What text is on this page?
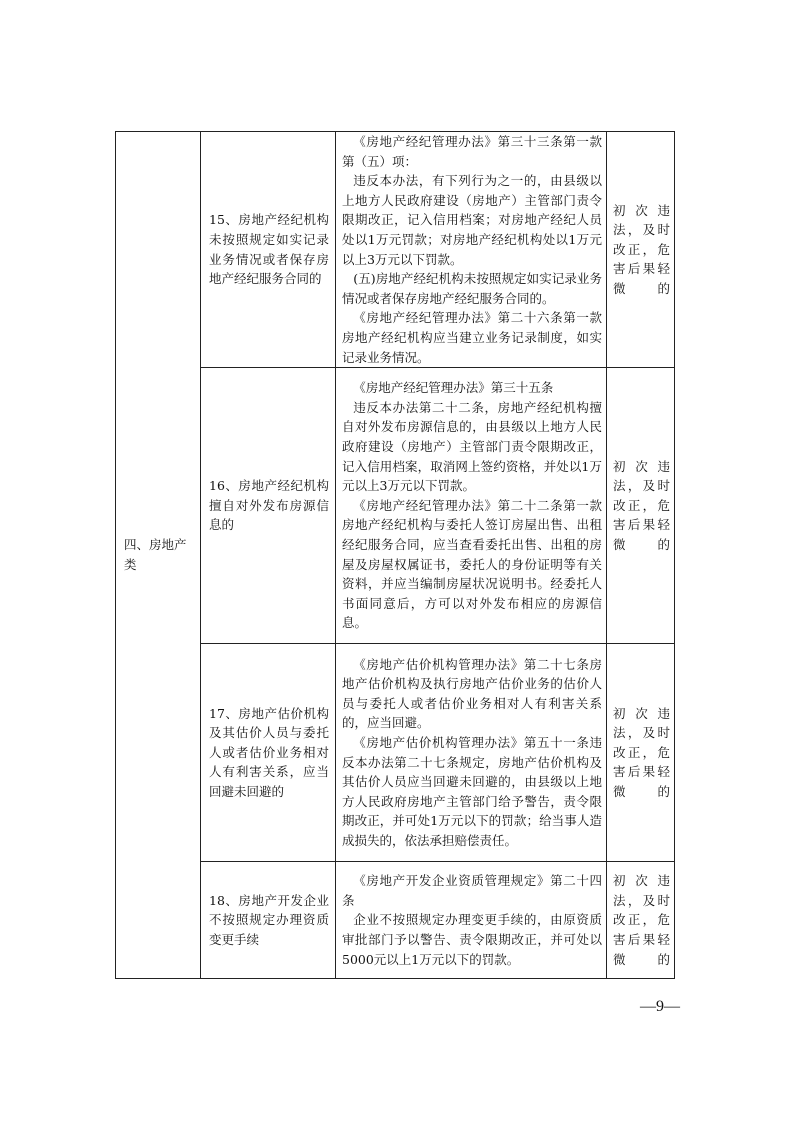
四、房地产类	15、房地产经纪机构未按照规定如实记录业务情况或者保存房地产经纪服务合同的	《房地产经纪管理办法》第三十三条第一款第（五）项：

违反本办法，有下列行为之一的，由县级以上地方人民政府建设（房地产）主管部门责令限期改正，记入信用档案；对房地产经纪人员处以1万元罚款；对房地产经纪机构处以1万元以上3万元以下罚款。

(五)房地产经纪机构未按照规定如实记录业务情况或者保存房地产经纪服务合同的。

《房地产经纪管理办法》第二十六条第一款房地产经纪机构应当建立业务记录制度，如实记录业务情况。	初次违法，及时改正，危害后果轻微的

	16、房地产经纪机构擅自对外发布房源信息的	《房地产经纪管理办法》第三十五条

违反本办法第二十二条，房地产经纪机构擅自对外发布房源信息的，由县级以上地方人民政府建设（房地产）主管部门责令限期改正，记入信用档案，取消网上签约资格，并处以1万元以上3万元以下罚款。

《房地产经纪管理办法》第二十二条第一款房地产经纪机构与委托人签订房屋出售、出租经纪服务合同，应当查看委托出售、出租的房屋及房屋权属证书，委托人的身份证明等有关资料，并应当编制房屋状况说明书。经委托人书面同意后，方可以对外发布相应的房源信息。	初次违法，及时改正，危害后果轻微的

	17、房地产估价机构及其估价人员与委托人或者估价业务相对人有利害关系，应当回避未回避的	《房地产估价机构管理办法》第二十七条房地产估价机构及执行房地产估价业务的估价人员与委托人或者估价业务相对人有利害关系的，应当回避。

《房地产估价机构管理办法》第五十一条违反本办法第二十七条规定，房地产估价机构及其估价人员应当回避未回避的，由县级以上地方人民政府房地产主管部门给予警告，责令限期改正，并可处1万元以下的罚款；给当事人造成损失的，依法承担赔偿责任。	初次违法，及时改正，危害后果轻微的

	18、房地产开发企业不按照规定办理资质变更手续	《房地产开发企业资质管理规定》第二十四条

企业不按照规定办理变更手续的，由原资质审批部门予以警告、责令限期改正，并可处以5000元以上1万元以下的罚款。	初次违法，及时改正，危害后果轻微的
—9—
